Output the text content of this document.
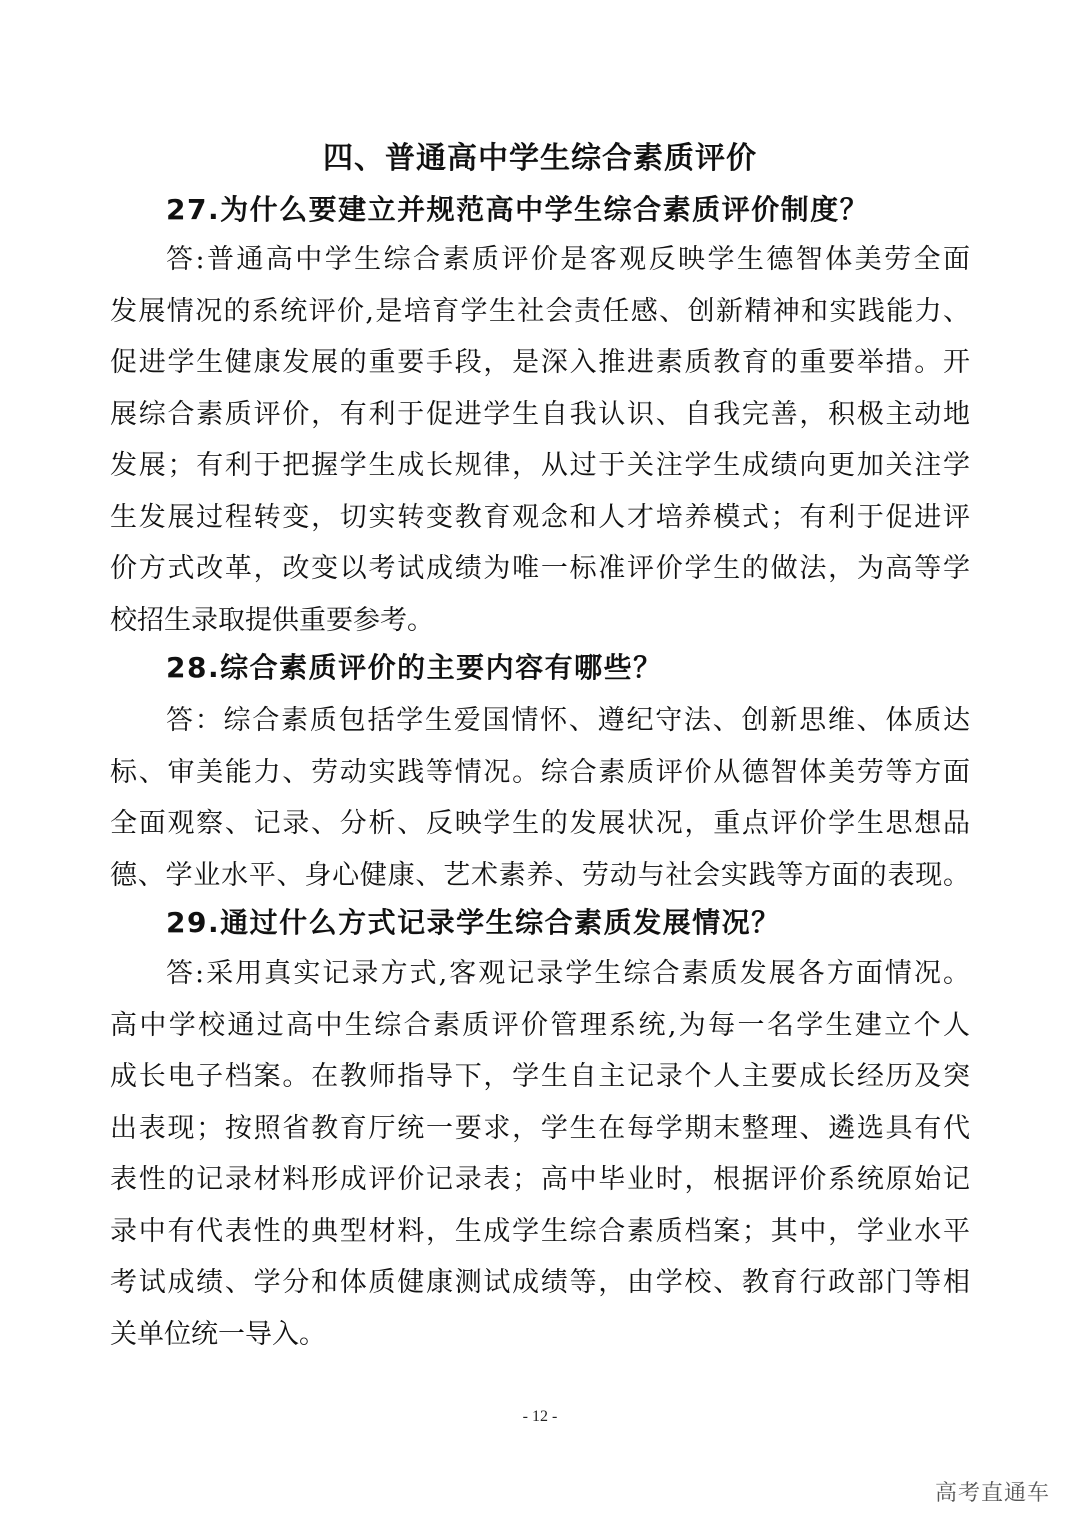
四、普通高中学生综合素质评价
27.为什么要建立并规范高中学生综合素质评价制度？
答:普通高中学生综合素质评价是客观反映学生德智体美劳全面
发展情况的系统评价,是培育学生社会责任感、创新精神和实践能力、
促进学生健康发展的重要手段，是深入推进素质教育的重要举措。开
展综合素质评价，有利于促进学生自我认识、自我完善，积极主动地
发展；有利于把握学生成长规律，从过于关注学生成绩向更加关注学
生发展过程转变，切实转变教育观念和人才培养模式；有利于促进评
价方式改革，改变以考试成绩为唯一标准评价学生的做法，为高等学
校招生录取提供重要参考。
28.综合素质评价的主要内容有哪些？
答：综合素质包括学生爱国情怀、遵纪守法、创新思维、体质达
标、审美能力、劳动实践等情况。综合素质评价从德智体美劳等方面
全面观察、记录、分析、反映学生的发展状况，重点评价学生思想品
德、学业水平、身心健康、艺术素养、劳动与社会实践等方面的表现。
29.通过什么方式记录学生综合素质发展情况？
答:采用真实记录方式,客观记录学生综合素质发展各方面情况。
高中学校通过高中生综合素质评价管理系统,为每一名学生建立个人
成长电子档案。在教师指导下，学生自主记录个人主要成长经历及突
出表现；按照省教育厅统一要求，学生在每学期末整理、遴选具有代
表性的记录材料形成评价记录表；高中毕业时，根据评价系统原始记
录中有代表性的典型材料，生成学生综合素质档案；其中，学业水平
考试成绩、学分和体质健康测试成绩等，由学校、教育行政部门等相
关单位统一导入。
- 12 -
高考直通车
